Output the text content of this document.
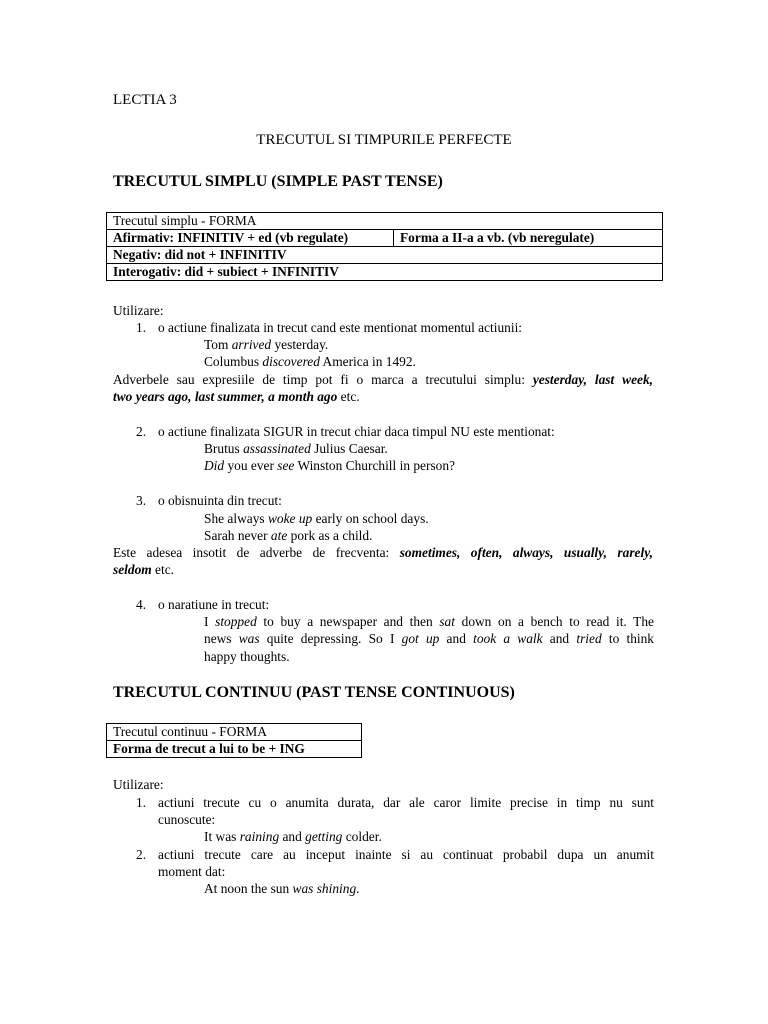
LECTIA 3
TRECUTUL SI TIMPURILE PERFECTE
TRECUTUL SIMPLU (SIMPLE PAST TENSE)
Trecutul simplu - FORMA
Afirmativ: INFINITIV + ed (vb regulate)	Forma a II-a a vb. (vb neregulate)
Negativ: did not + INFINITIV
Interogativ: did + subiect + INFINITIV
Utilizare:
1. o actiune finalizata in trecut cand este mentionat momentul actiunii:
Tom arrived yesterday.
Columbus discovered America in 1492.
Adverbele sau expresiile de timp pot fi o marca a trecutului simplu: yesterday, last week,
two years ago, last summer, a month ago etc.
2. o actiune finalizata SIGUR in trecut chiar daca timpul NU este mentionat:
Brutus assassinated Julius Caesar.
Did you ever see Winston Churchill in person?
3. o obisnuinta din trecut:
She always woke up early on school days.
Sarah never ate pork as a child.
Este adesea insotit de adverbe de frecventa: sometimes, often, always, usually, rarely,
seldom etc.
4. o naratiune in trecut:
I stopped to buy a newspaper and then sat down on a bench to read it. The
news was quite depressing. So I got up and took a walk and tried to think
happy thoughts.
TRECUTUL CONTINUU (PAST TENSE CONTINUOUS)
Trecutul continuu - FORMA
Forma de trecut a lui to be + ING
Utilizare:
1. actiuni trecute cu o anumita durata, dar ale caror limite precise in timp nu sunt
cunoscute:
It was raining and getting colder.
2. actiuni trecute care au inceput inainte si au continuat probabil dupa un anumit
moment dat:
At noon the sun was shining.
